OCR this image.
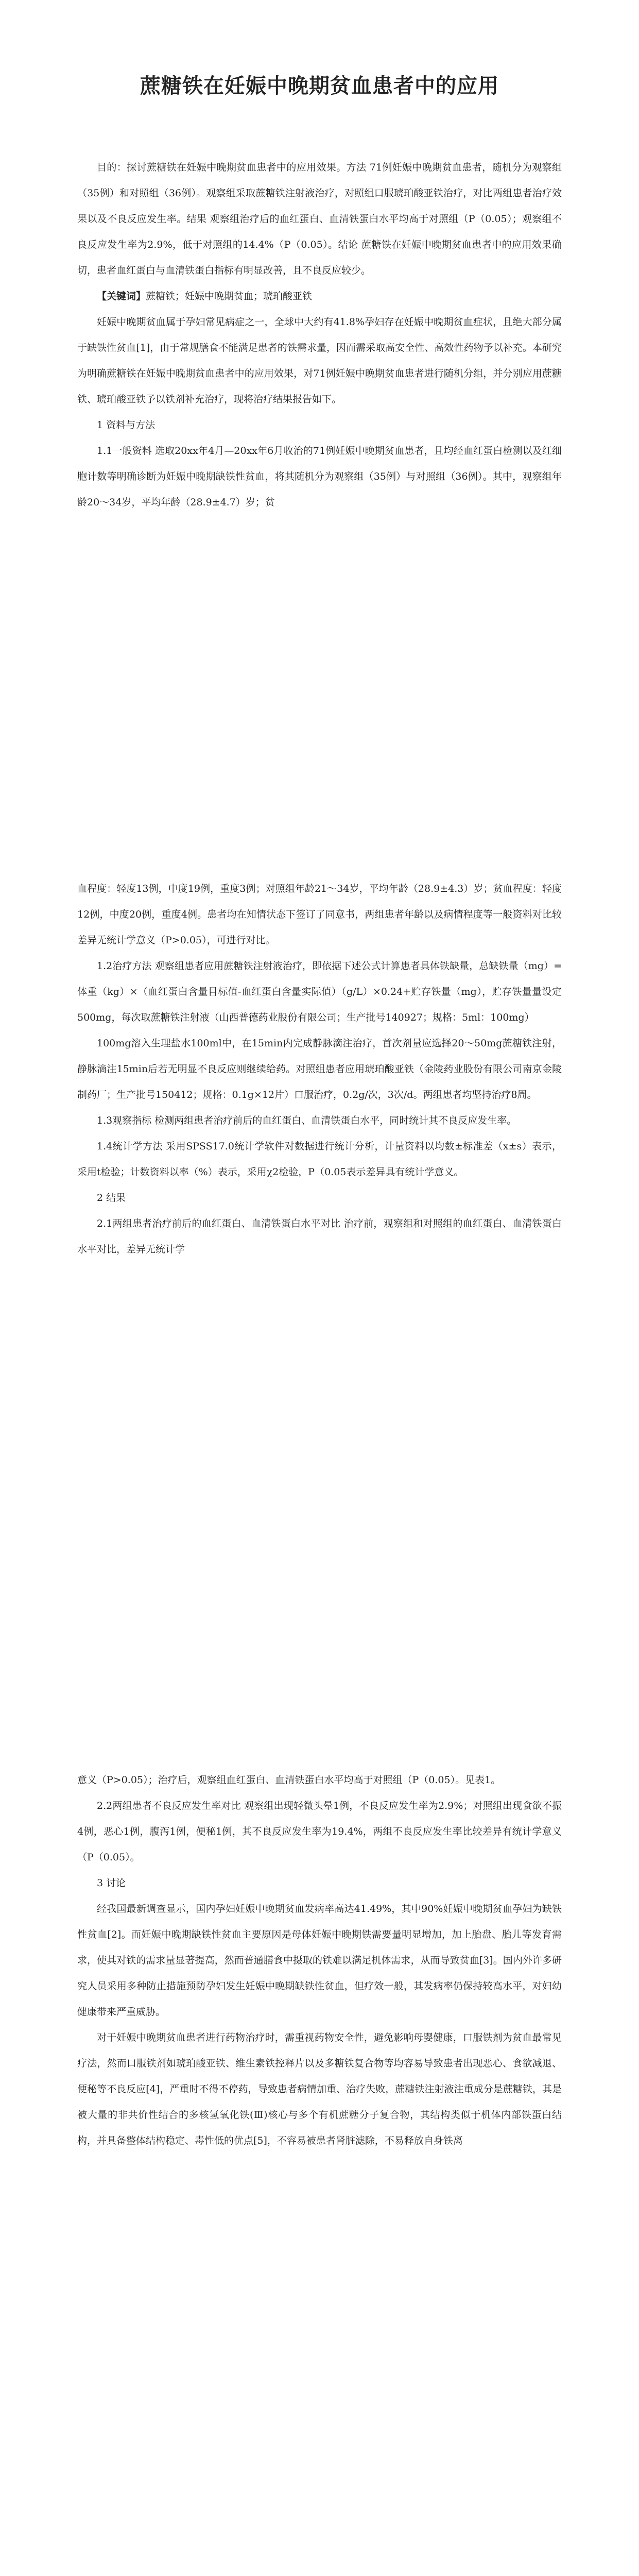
蔗糖铁在妊娠中晚期贫血患者中的应用

目的：探讨蔗糖铁在妊娠中晚期贫血患者中的应用效果。方法 71例妊娠中晚期贫血患者，随机分为观察组（35例）和对照组（36例）。观察组采取蔗糖铁注射液治疗，对照组口服琥珀酸亚铁治疗，对比两组患者治疗效果以及不良反应发生率。结果 观察组治疗后的血红蛋白、血清铁蛋白水平均高于对照组（P（0.05）；观察组不良反应发生率为2.9%，低于对照组的14.4%（P（0.05）。结论 蔗糖铁在妊娠中晚期贫血患者中的应用效果确切，患者血红蛋白与血清铁蛋白指标有明显改善，且不良反应较少。

【关键词】蔗糖铁；妊娠中晚期贫血；琥珀酸亚铁

妊娠中晚期贫血属于孕妇常见病症之一，全球中大约有41.8%孕妇存在妊娠中晚期贫血症状，且绝大部分属于缺铁性贫血[1]，由于常规膳食不能满足患者的铁需求量，因而需采取高安全性、高效性药物予以补充。本研究为明确蔗糖铁在妊娠中晚期贫血患者中的应用效果，对71例妊娠中晚期贫血患者进行随机分组，并分别应用蔗糖铁、琥珀酸亚铁予以铁剂补充治疗，现将治疗结果报告如下。

1 资料与方法

1.1一般资料 选取20xx年4月—20xx年6月收治的71例妊娠中晚期贫血患者，且均经血红蛋白检测以及红细胞计数等明确诊断为妊娠中晚期缺铁性贫血，将其随机分为观察组（35例）与对照组（36例）。其中，观察组年龄20～34岁，平均年龄（28.9±4.7）岁；贫

血程度：轻度13例，中度19例，重度3例；对照组年龄21～34岁，平均年龄（28.9±4.3）岁；贫血程度：轻度12例，中度20例，重度4例。患者均在知情状态下签订了同意书，两组患者年龄以及病情程度等一般资料对比较差异无统计学意义（P>0.05），可进行对比。

1.2治疗方法 观察组患者应用蔗糖铁注射液治疗，即依据下述公式计算患者具体铁缺量，总缺铁量（mg）=体重（kg）×（血红蛋白含量目标值-血红蛋白含量实际值）（g/L）×0.24+贮存铁量（mg），贮存铁量量设定500mg，每次取蔗糖铁注射液（山西普德药业股份有限公司；生产批号140927；规格：5ml：100mg）

100mg溶入生理盐水100ml中，在15min内完成静脉滴注治疗，首次剂量应选择20～50mg蔗糖铁注射，静脉滴注15min后若无明显不良反应则继续给药。对照组患者应用琥珀酸亚铁（金陵药业股份有限公司南京金陵制药厂；生产批号150412；规格：0.1g×12片）口服治疗，0.2g/次，3次/d。两组患者均坚持治疗8周。

1.3观察指标 检测两组患者治疗前后的血红蛋白、血清铁蛋白水平，同时统计其不良反应发生率。

1.4统计学方法 采用SPSS17.0统计学软件对数据进行统计分析，计量资料以均数±标准差（x±s）表示，采用t检验；计数资料以率（%）表示，采用χ2检验，P（0.05表示差异具有统计学意义。

2 结果

2.1两组患者治疗前后的血红蛋白、血清铁蛋白水平对比 治疗前，观察组和对照组的血红蛋白、血清铁蛋白水平对比，差异无统计学

意义（P>0.05）；治疗后，观察组血红蛋白、血清铁蛋白水平均高于对照组（P（0.05）。见表1。

2.2两组患者不良反应发生率对比 观察组出现轻微头晕1例，不良反应发生率为2.9%；对照组出现食欲不振4例，恶心1例，腹泻1例，便秘1例，其不良反应发生率为19.4%，两组不良反应发生率比较差异有统计学意义（P（0.05）。

3 讨论

经我国最新调查显示，国内孕妇妊娠中晚期贫血发病率高达41.49%，其中90%妊娠中晚期贫血孕妇为缺铁性贫血[2]。而妊娠中晚期缺铁性贫血主要原因是母体妊娠中晚期铁需要量明显增加，加上胎盘、胎儿等发育需求，使其对铁的需求量显著提高，然而普通膳食中摄取的铁难以满足机体需求，从而导致贫血[3]。国内外许多研究人员采用多种防止措施预防孕妇发生妊娠中晚期缺铁性贫血，但疗效一般，其发病率仍保持较高水平，对妇幼健康带来严重威胁。

对于妊娠中晚期贫血患者进行药物治疗时，需重视药物安全性，避免影响母婴健康，口服铁剂为贫血最常见疗法，然而口服铁剂如琥珀酸亚铁、维生素铁控释片以及多糖铁复合物等均容易导致患者出现恶心、食欲减退、便秘等不良反应[4]，严重时不得不停药，导致患者病情加重、治疗失败，蔗糖铁注射液注重成分是蔗糖铁，其是被大量的非共价性结合的多核氢氧化铁(Ⅲ)核心与多个有机蔗糖分子复合物，其结构类似于机体内部铁蛋白结构，并具备整体结构稳定、毒性低的优点[5]，不容易被患者肾脏滤除，不易释放自身铁离
